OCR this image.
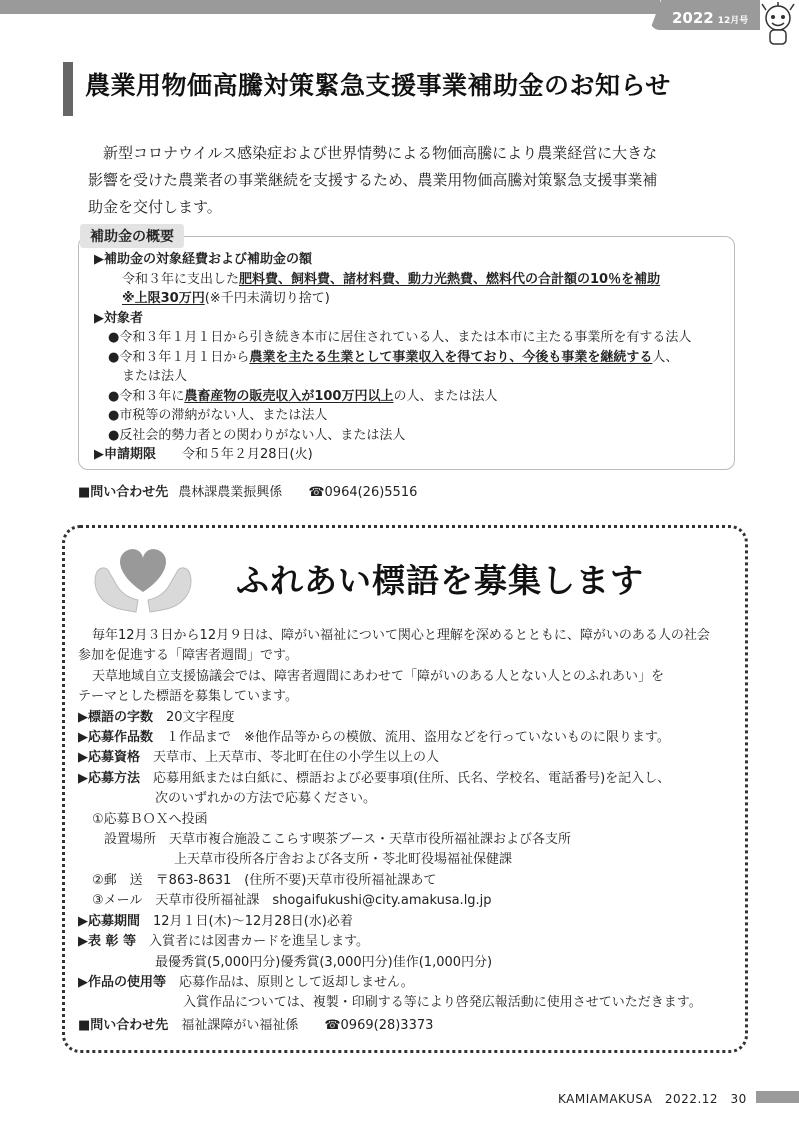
2022 12月号
農業用物価高騰対策緊急支援事業補助金のお知らせ

新型コロナウイルス感染症および世界情勢による物価高騰により農業経営に大きな

影響を受けた農業者の事業継続を支援するため、農業用物価高騰対策緊急支援事業補

助金を交付します。

補助金の概要
▶補助金の対象経費および補助金の額
令和３年に支出した肥料費、飼料費、諸材料費、動力光熱費、燃料代の合計額の10％を補助
※上限30万円(※千円未満切り捨て)
▶対象者
●令和３年１月１日から引き続き本市に居住されている人、または本市に主たる事業所を有する法人
●令和３年１月１日から農業を主たる生業として事業収入を得ており、今後も事業を継続する人、
または法人
●令和３年に農畜産物の販売収入が100万円以上の人、または法人
●市税等の滞納がない人、または法人
●反社会的勢力者との関わりがない人、または法人
▶申請期限　　 令和５年２月28日(火)
■問い合わせ先 農林課農業振興係　　 ☎0964(26)5516
ふれあい標語を募集します

毎年12月３日から12月９日は、障がい福祉について関心と理解を深めるとともに、障がいのある人の社会

参加を促進する「障害者週間」です。

天草地域自立支援協議会では、障害者週間にあわせて「障がいのある人とない人とのふれあい」を

テーマとした標語を募集しています。

▶標語の字数　 20文字程度

▶応募作品数　 １作品まで　※他作品等からの模倣、流用、盗用などを行っていないものに限ります。

▶応募資格　 天草市、上天草市、苓北町在住の小学生以上の人

▶応募方法　 応募用紙または白紙に、標語および必要事項(住所、氏名、学校名、電話番号)を記入し、

次のいずれかの方法で応募ください。

①応募ＢＯＸへ投函

設置場所　 天草市複合施設ここらす喫茶ブース・天草市役所福祉課および各支所

上天草市役所各庁舎および各支所・苓北町役場福祉保健課

②郵　送　 〒863-8631　(住所不要)天草市役所福祉課あて

③メール　 天草市役所福祉課　shogaifukushi@city.amakusa.lg.jp

▶応募期間　 12月１日(木)～12月28日(水)必着

▶表 彰 等　 入賞者には図書カードを進呈します。

最優秀賞(5,000円分)優秀賞(3,000円分)佳作(1,000円分)

▶作品の使用等　 応募作品は、原則として返却しません。

入賞作品については、複製・印刷する等により啓発広報活動に使用させていただきます。

■問い合わせ先　 福祉課障がい福祉係　　 ☎0969(28)3373

KAMIAMAKUSA　2022.12　30
